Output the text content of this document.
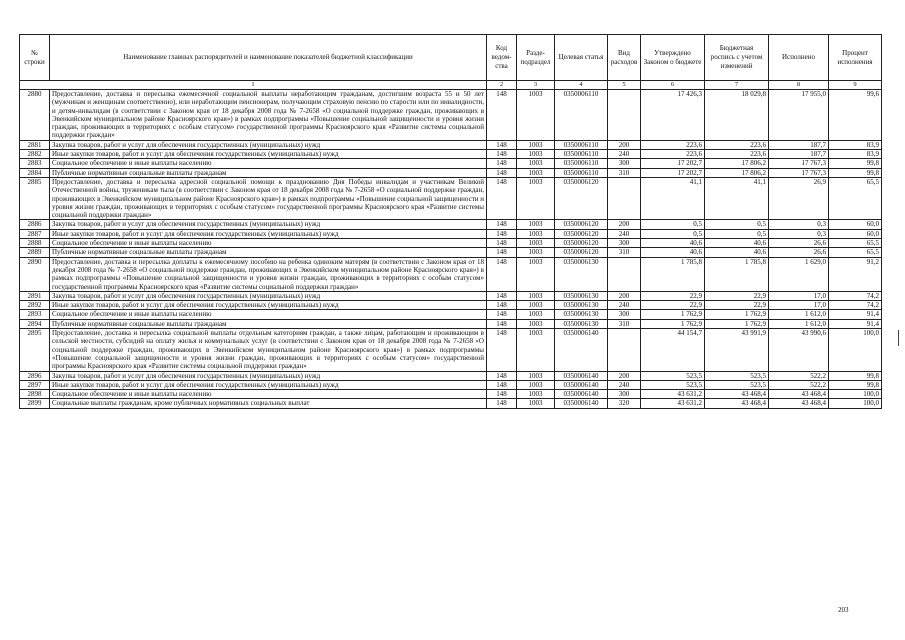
№ строки	Наименование главных распорядителей и наименование показателей бюджетной классификации	Код ведом-ства	Разде-подраздел	Целевая статья	Вид расходов	Утверждено Законом о бюджете	Бюджетная роспись с учетом изменений	Исполнено	Процент исполнения
1		2	3	4	5	6	7	8	9
2880	Предоставление, доставка и пересылка ежемесячной социальной выплаты неработающим гражданам, достигшим возраста 55 и 50 лет (мужчинам и женщинам соответственно), или неработающим пенсионерам, получающим страховую пенсию по старости или по инвалидности, и детям-инвалидам (в соответствии с Законом края от 18 декабря 2008 года № 7-2658 «О социальной поддержке граждан, проживающих в Эвенкийском муниципальном районе Красноярского края») в рамках подпрограммы «Повышение социальной защищенности и уровня жизни граждан, проживающих в территориях с особым статусом» государственной программы Красноярского края «Развитие системы социальной поддержки граждан»	148	1003	0350006110		17 426,3	18 029,8	17 955,0	99,6
2881	Закупка товаров, работ и услуг для обеспечения государственных (муниципальных) нужд	148	1003	0350006110	200	223,6	223,6	187,7	83,9
2882	Иные закупки товаров, работ и услуг для обеспечения государственных (муниципальных) нужд	148	1003	0350006110	240	223,6	223,6	187,7	83,9
2883	Социальное обеспечение и иные выплаты населению	148	1003	0350006110	300	17 202,7	17 806,2	17 767,3	99,8
2884	Публичные нормативные социальные выплаты гражданам	148	1003	0350006110	310	17 202,7	17 806,2	17 767,3	99,8
2885	Предоставление, доставка и пересылка адресной социальной помощи к празднованию Дня Победы инвалидам и участникам Великой Отечественной войны, труженикам тыла (в соответствии с Законом края от 18 декабря 2008 года № 7-2658 «О социальной поддержке граждан, проживающих в Эвенкийском муниципальном районе Красноярского края») в рамках подпрограммы «Повышение социальной защищенности и уровня жизни граждан, проживающих в территориях с особым статусом» государственной программы Красноярского края «Развитие системы социальной поддержки граждан»	148	1003	0350006120		41,1	41,1	26,9	65,5
2886	Закупка товаров, работ и услуг для обеспечения государственных (муниципальных) нужд	148	1003	0350006120	200	0,5	0,5	0,3	60,0
2887	Иные закупки товаров, работ и услуг для обеспечения государственных (муниципальных) нужд	148	1003	0350006120	240	0,5	0,5	0,3	60,0
2888	Социальное обеспечение и иные выплаты населению	148	1003	0350006120	300	40,6	40,6	26,6	65,5
2889	Публичные нормативные социальные выплаты гражданам	148	1003	0350006120	310	40,6	40,6	26,6	65,5
2890	Предоставление, доставка и пересылка доплаты к ежемесячному пособию на ребенка одиноким матерям (в соответствии с Законом края от 18 декабря 2008 года № 7-2658 «О социальной поддержке граждан, проживающих в Эвенкийском муниципальном районе Красноярского края») в рамках подпрограммы «Повышение социальной защищенности и уровня жизни граждан, проживающих в территориях с особым статусом» государственной программы Красноярского края «Развитие системы социальной поддержки граждан»	148	1003	0350006130		1 785,8	1 785,8	1 629,0	91,2
2891	Закупка товаров, работ и услуг для обеспечения государственных (муниципальных) нужд	148	1003	0350006130	200	22,9	22,9	17,0	74,2
2892	Иные закупки товаров, работ и услуг для обеспечения государственных (муниципальных) нужд	148	1003	0350006130	240	22,9	22,9	17,0	74,2
2893	Социальное обеспечение и иные выплаты населению	148	1003	0350006130	300	1 762,9	1 762,9	1 612,0	91,4
2894	Публичные нормативные социальные выплаты гражданам	148	1003	0350006130	310	1 762,9	1 762,9	1 612,0	91,4
2895	Предоставление, доставка и пересылка социальной выплаты отдельным категориям граждан, а также лицам, работающим и проживающим в сельской местности, субсидий на оплату жилья и коммунальных услуг (в соответствии с Законом края от 18 декабря 2008 года № 7-2658 «О социальной поддержке граждан, проживающих в Эвенкийском муниципальном районе Красноярского края») в рамках подпрограммы «Повышение социальной защищенности и уровня жизни граждан, проживающих в территориях с особым статусом» государственной программы Красноярского края «Развитие системы социальной поддержки граждан»	148	1003	0350006140		44 154,7	43 991,9	43 990,6	100,0
2896	Закупка товаров, работ и услуг для обеспечения государственных (муниципальных) нужд	148	1003	0350006140	200	523,5	523,5	522,2	99,8
2897	Иные закупки товаров, работ и услуг для обеспечения государственных (муниципальных) нужд	148	1003	0350006140	240	523,5	523,5	522,2	99,8
2898	Социальное обеспечение и иные выплаты населению	148	1003	0350006140	300	43 631,2	43 468,4	43 468,4	100,0
2899	Социальные выплаты гражданам, кроме публичных нормативных социальных выплат	148	1003	0350006140	320	43 631,2	43 468,4	43 468,4	100,0
203
